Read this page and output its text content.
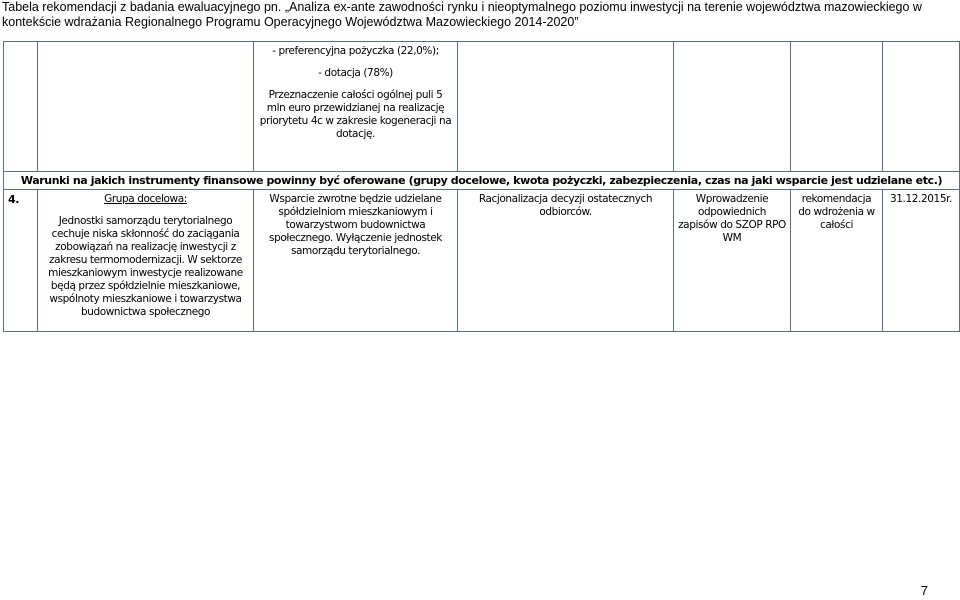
Tabela rekomendacji z badania ewaluacyjnego pn. „Analiza ex-ante zawodności rynku i nieoptymalnego poziomu inwestycji na terenie województwa mazowieckiego w kontekście wdrażania Regionalnego Programu Operacyjnego Województwa Mazowieckiego 2014-2020”

		- preferencyjna pożyczka (22,0%);

- dotacja (78%)

Przeznaczenie całości ogólnej puli 5 mln euro przewidzianej na realizację priorytetu 4c w zakresie kogeneracji na dotację.				

Warunki na jakich instrumenty finansowe powinny być oferowane (grupy docelowe, kwota pożyczki, zabezpieczenia, czas na jaki wsparcie jest udzielane etc.)						
4.	Grupa docelowa:

Jednostki samorządu terytorialnego cechuje niska skłonność do zaciągania zobowiązań na realizację inwestycji z zakresu termomodernizacji. W sektorze mieszkaniowym inwestycje realizowane będą przez spółdzielnie mieszkaniowe, wspólnoty mieszkaniowe i towarzystwa budownictwa społecznego	Wsparcie zwrotne będzie udzielane spółdzielniom mieszkaniowym i towarzystwom budownictwa społecznego. Wyłączenie jednostek samorządu terytorialnego.	Racjonalizacja decyzji ostatecznych odbiorców.	Wprowadzenie odpowiednich zapisów do SZOP RPO WM	rekomendacja do wdrożenia w całości	31.12.2015r.
7
